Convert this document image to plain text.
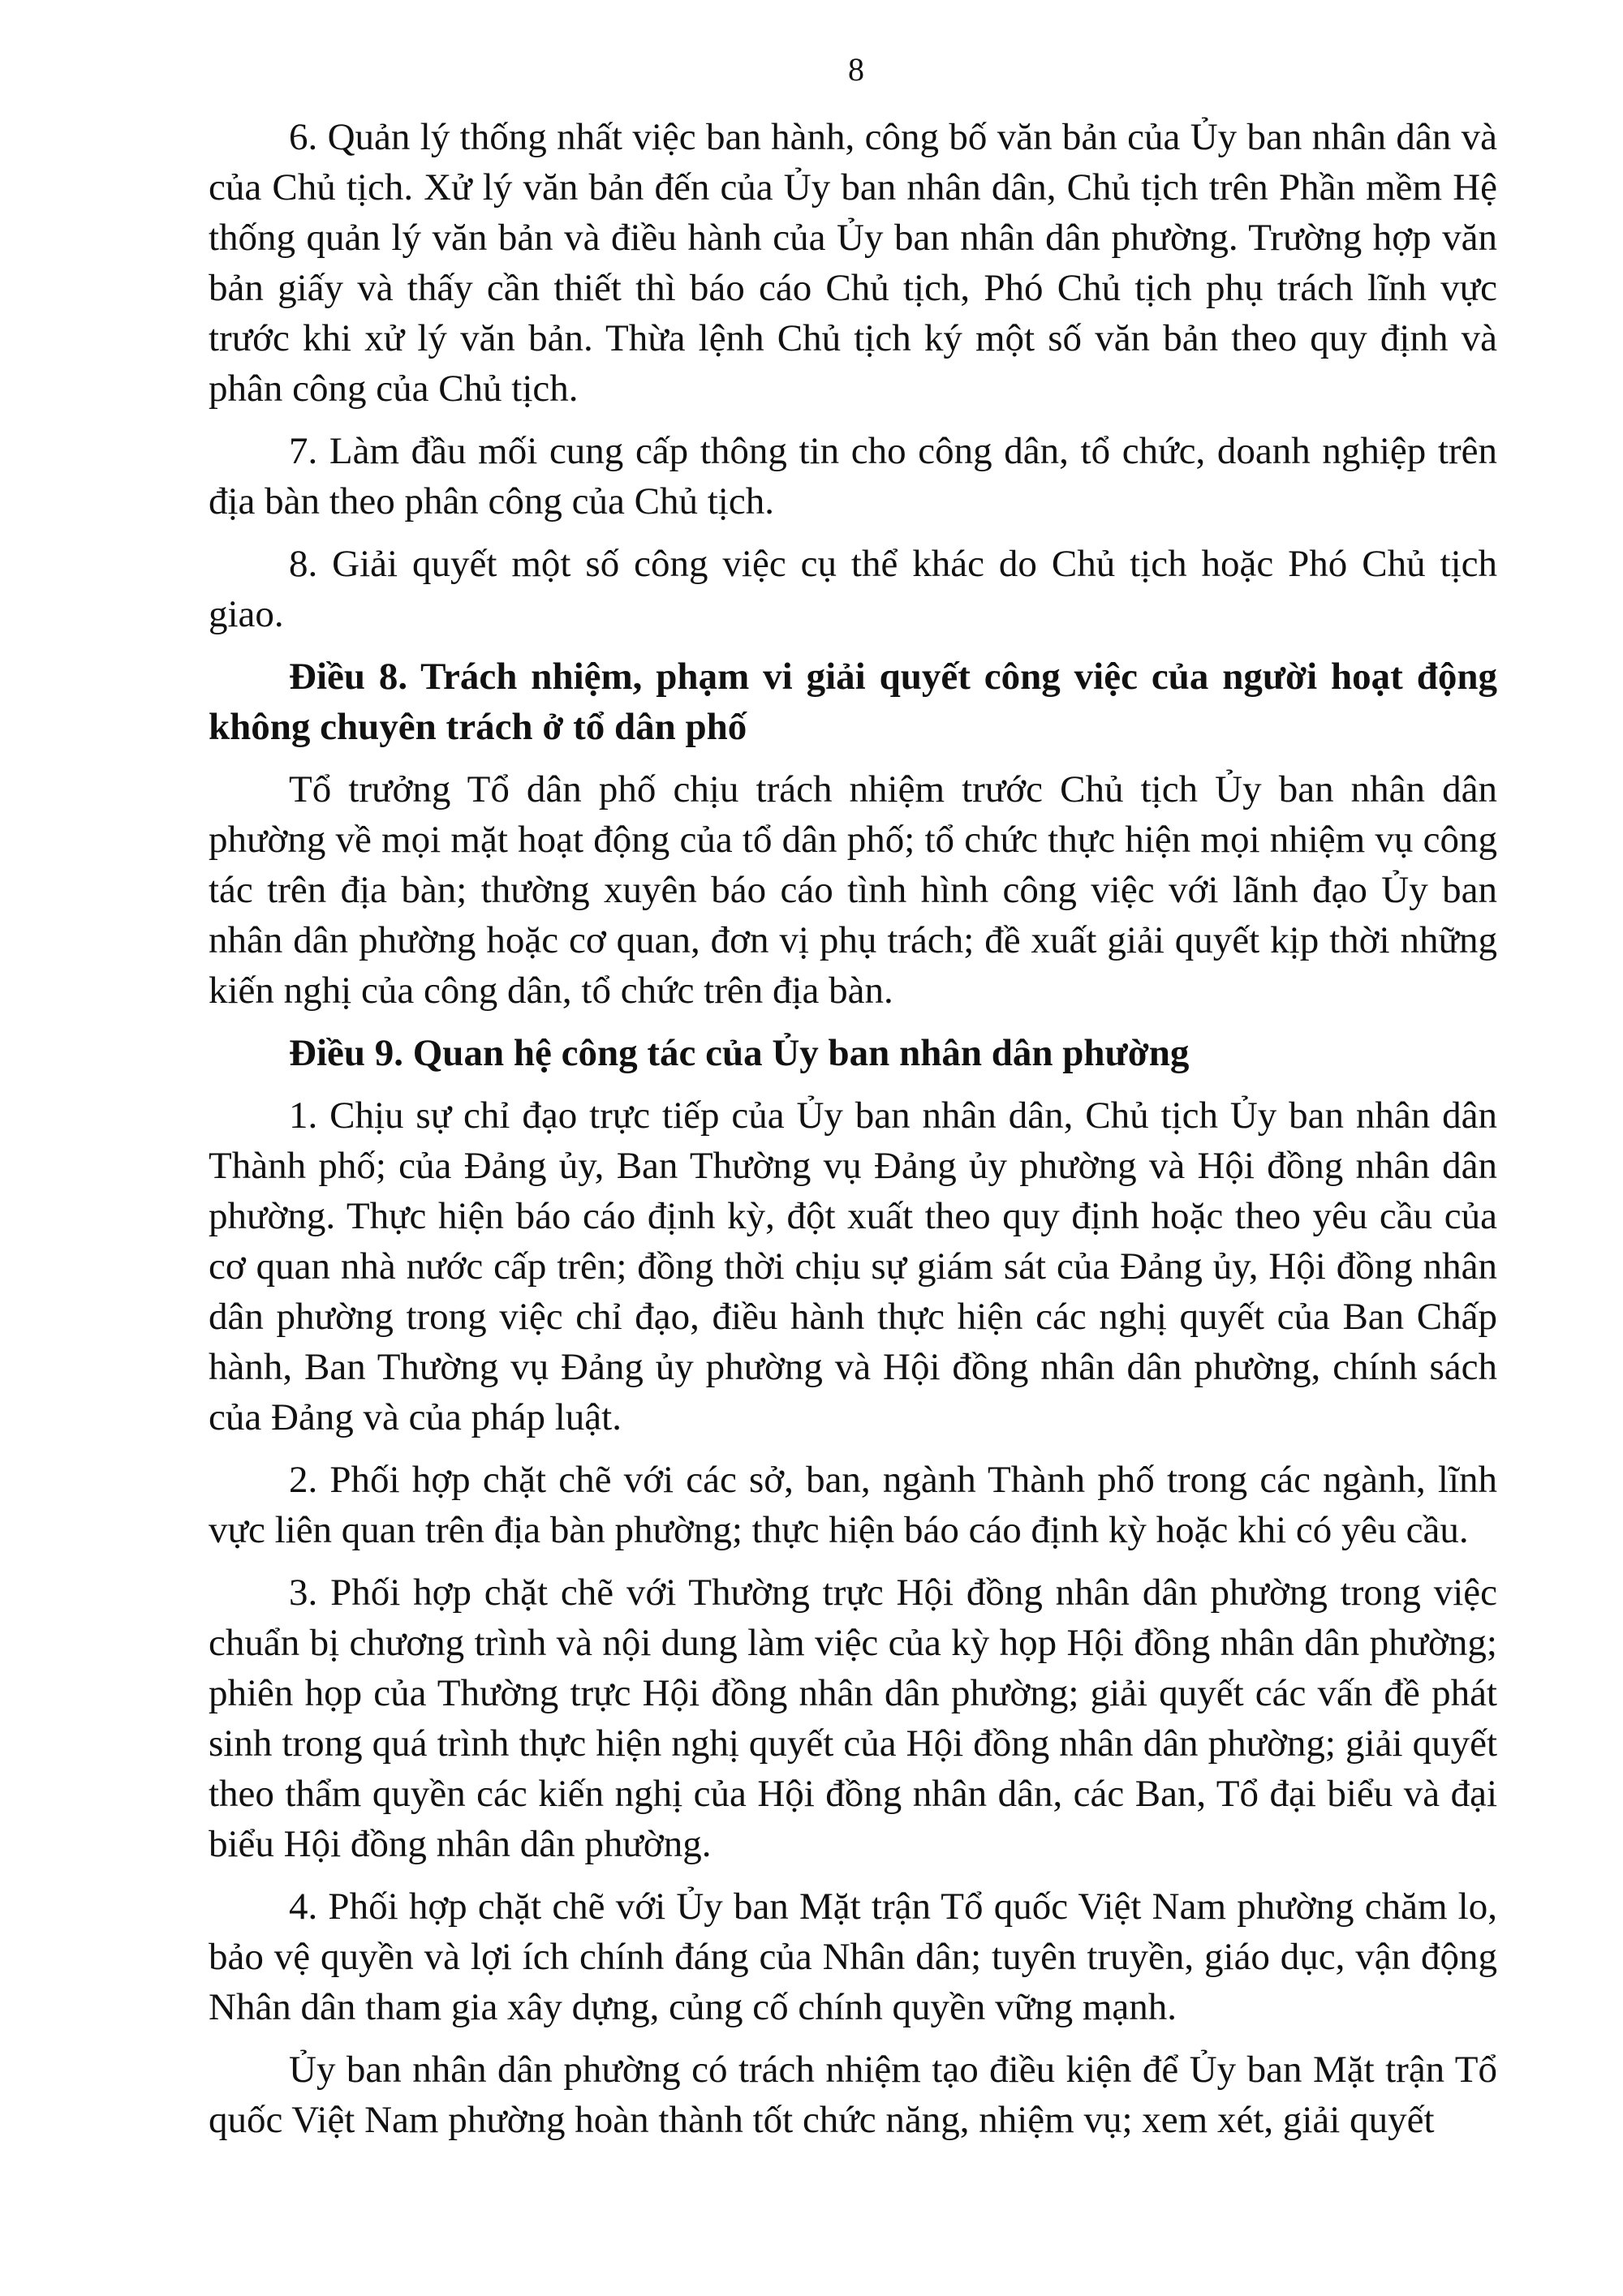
8

6. Quản lý thống nhất việc ban hành, công bố văn bản của Ủy ban nhân dân và của Chủ tịch. Xử lý văn bản đến của Ủy ban nhân dân, Chủ tịch trên Phần mềm Hệ thống quản lý văn bản và điều hành của Ủy ban nhân dân phường. Trường hợp văn bản giấy và thấy cần thiết thì báo cáo Chủ tịch, Phó Chủ tịch phụ trách lĩnh vực trước khi xử lý văn bản. Thừa lệnh Chủ tịch ký một số văn bản theo quy định và phân công của Chủ tịch.

7. Làm đầu mối cung cấp thông tin cho công dân, tổ chức, doanh nghiệp trên địa bàn theo phân công của Chủ tịch.

8. Giải quyết một số công việc cụ thể khác do Chủ tịch hoặc Phó Chủ tịch giao.

Điều 8. Trách nhiệm, phạm vi giải quyết công việc của người hoạt động không chuyên trách ở tổ dân phố

Tổ trưởng Tổ dân phố chịu trách nhiệm trước Chủ tịch Ủy ban nhân dân phường về mọi mặt hoạt động của tổ dân phố; tổ chức thực hiện mọi nhiệm vụ công tác trên địa bàn; thường xuyên báo cáo tình hình công việc với lãnh đạo Ủy ban nhân dân phường hoặc cơ quan, đơn vị phụ trách; đề xuất giải quyết kịp thời những kiến nghị của công dân, tổ chức trên địa bàn.

Điều 9. Quan hệ công tác của Ủy ban nhân dân phường

1. Chịu sự chỉ đạo trực tiếp của Ủy ban nhân dân, Chủ tịch Ủy ban nhân dân Thành phố; của Đảng ủy, Ban Thường vụ Đảng ủy phường và Hội đồng nhân dân phường. Thực hiện báo cáo định kỳ, đột xuất theo quy định hoặc theo yêu cầu của cơ quan nhà nước cấp trên; đồng thời chịu sự giám sát của Đảng ủy, Hội đồng nhân dân phường trong việc chỉ đạo, điều hành thực hiện các nghị quyết của Ban Chấp hành, Ban Thường vụ Đảng ủy phường và Hội đồng nhân dân phường, chính sách của Đảng và của pháp luật.

2. Phối hợp chặt chẽ với các sở, ban, ngành Thành phố trong các ngành, lĩnh vực liên quan trên địa bàn phường; thực hiện báo cáo định kỳ hoặc khi có yêu cầu.

3. Phối hợp chặt chẽ với Thường trực Hội đồng nhân dân phường trong việc chuẩn bị chương trình và nội dung làm việc của kỳ họp Hội đồng nhân dân phường; phiên họp của Thường trực Hội đồng nhân dân phường; giải quyết các vấn đề phát sinh trong quá trình thực hiện nghị quyết của Hội đồng nhân dân phường; giải quyết theo thẩm quyền các kiến nghị của Hội đồng nhân dân, các Ban, Tổ đại biểu và đại biểu Hội đồng nhân dân phường.

4. Phối hợp chặt chẽ với Ủy ban Mặt trận Tổ quốc Việt Nam phường chăm lo, bảo vệ quyền và lợi ích chính đáng của Nhân dân; tuyên truyền, giáo dục, vận động Nhân dân tham gia xây dựng, củng cố chính quyền vững mạnh.

Ủy ban nhân dân phường có trách nhiệm tạo điều kiện để Ủy ban Mặt trận Tổ quốc Việt Nam phường hoàn thành tốt chức năng, nhiệm vụ; xem xét, giải quyết
